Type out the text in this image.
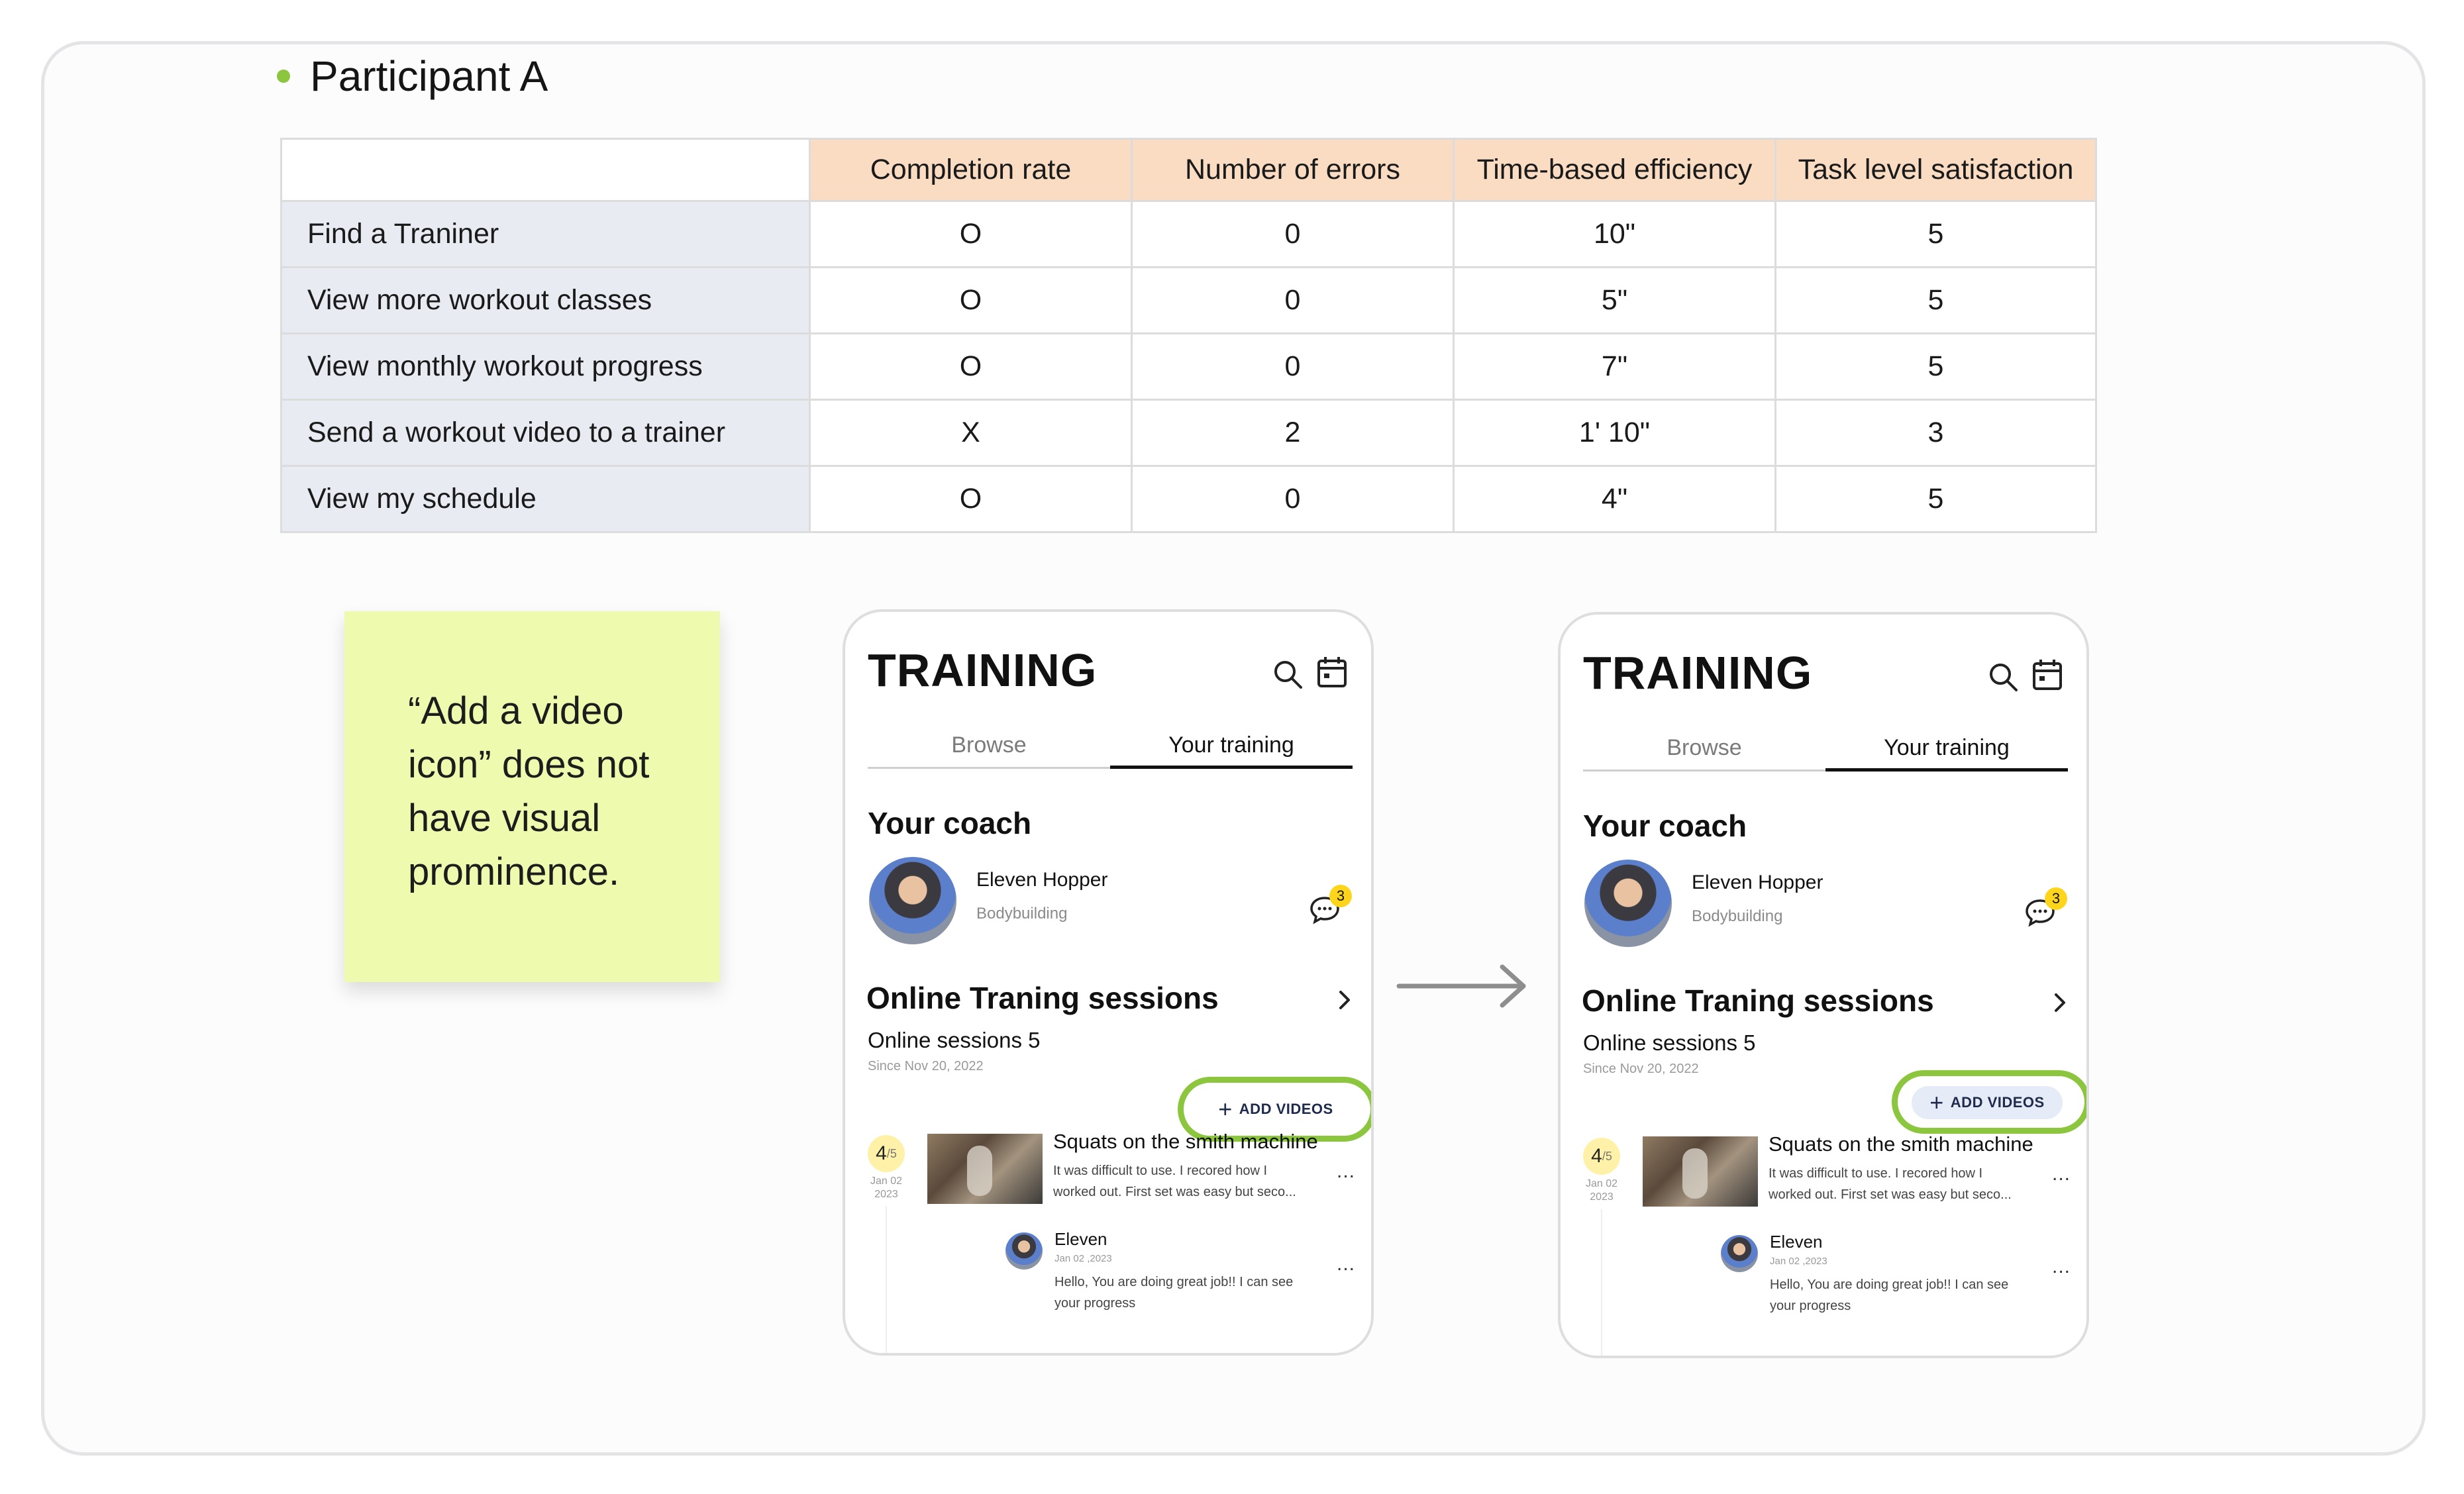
Participant A
	Completion rate	Number of errors	Time-based efficiency	Task level satisfaction
Find a Traniner	O	0	10"	5
View more workout classes	O	0	5"	5
View monthly workout progress	O	0	7"	5
Send a workout video to a trainer	X	2	1' 10"	3
View my schedule	O	0	4"	5
“Add a video
icon” does not
have visual
prominence.
TRAINING
Browse	Your training
Your coach
Eleven Hopper
Bodybuilding
3
Online Traning sessions
Online sessions 5
Since Nov 20, 2022
+ ADD VIDEOS
4 /5
Jan 02
2023
Squats on the smith machine
It was difficult to use. I recored how I
worked out. First set was easy but seco...
...
Eleven
Jan 02 ,2023
Hello, You are doing great job!! I can see
your progress
...
TRAINING
Browse	Your training
Your coach
Eleven Hopper
Bodybuilding
3
Online Traning sessions
Online sessions 5
Since Nov 20, 2022
+ ADD VIDEOS
4 /5
Jan 02
2023
Squats on the smith machine
It was difficult to use. I recored how I
worked out. First set was easy but seco...
...
Eleven
Jan 02 ,2023
Hello, You are doing great job!! I can see
your progress
...
